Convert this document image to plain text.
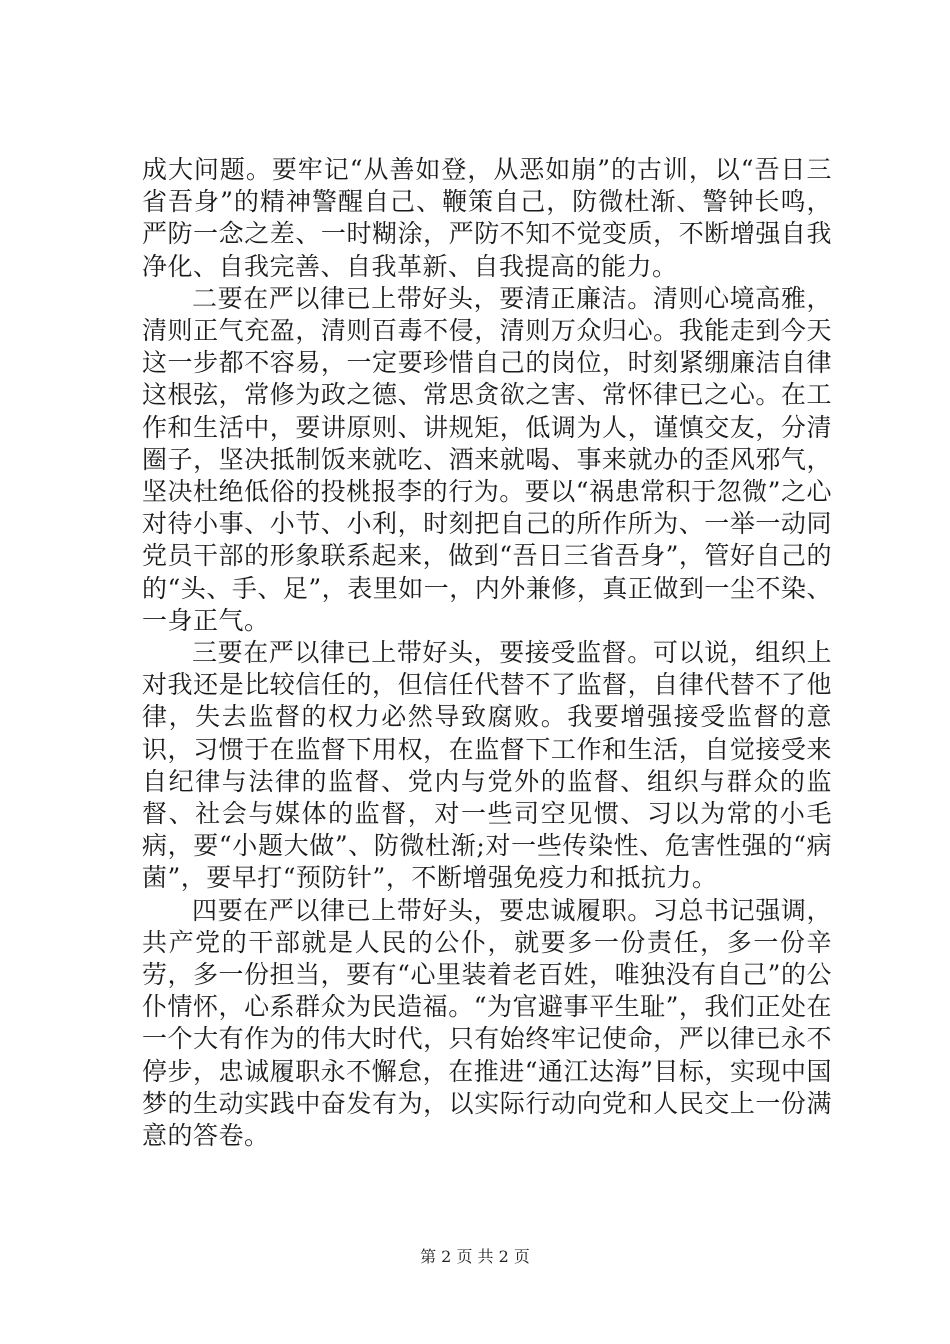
成大问题。要牢记“从善如登，从恶如崩”的古训，以“吾日三省吾身”的精神警醒自己、鞭策自己，防微杜渐、警钟长鸣，严防一念之差、一时糊涂，严防不知不觉变质，不断增强自我净化、自我完善、自我革新、自我提高的能力。

二要在严以律已上带好头，要清正廉洁。清则心境高雅，清则正气充盈，清则百毒不侵，清则万众归心。我能走到今天这一步都不容易，一定要珍惜自己的岗位，时刻紧绷廉洁自律这根弦，常修为政之德、常思贪欲之害、常怀律已之心。在工作和生活中，要讲原则、讲规矩，低调为人，谨慎交友，分清圈子，坚决抵制饭来就吃、酒来就喝、事来就办的歪风邪气，坚决杜绝低俗的投桃报李的行为。要以“祸患常积于忽微”之心对待小事、小节、小利，时刻把自己的所作所为、一举一动同党员干部的形象联系起来，做到“吾日三省吾身”，管好自己的的“头、手、足”，表里如一，内外兼修，真正做到一尘不染、一身正气。

三要在严以律已上带好头，要接受监督。可以说，组织上对我还是比较信任的，但信任代替不了监督，自律代替不了他律，失去监督的权力必然导致腐败。我要增强接受监督的意识，习惯于在监督下用权，在监督下工作和生活，自觉接受来自纪律与法律的监督、党内与党外的监督、组织与群众的监督、社会与媒体的监督，对一些司空见惯、习以为常的小毛病，要“小题大做”、防微杜渐;对一些传染性、危害性强的“病菌”，要早打“预防针”，不断增强免疫力和抵抗力。

四要在严以律已上带好头，要忠诚履职。习总书记强调，共产党的干部就是人民的公仆，就要多一份责任，多一份辛劳，多一份担当，要有“心里装着老百姓，唯独没有自己”的公仆情怀，心系群众为民造福。“为官避事平生耻”，我们正处在一个大有作为的伟大时代，只有始终牢记使命，严以律已永不停步，忠诚履职永不懈怠，在推进“通江达海”目标，实现中国梦的生动实践中奋发有为，以实际行动向党和人民交上一份满意的答卷。

第 2 页 共 2 页
